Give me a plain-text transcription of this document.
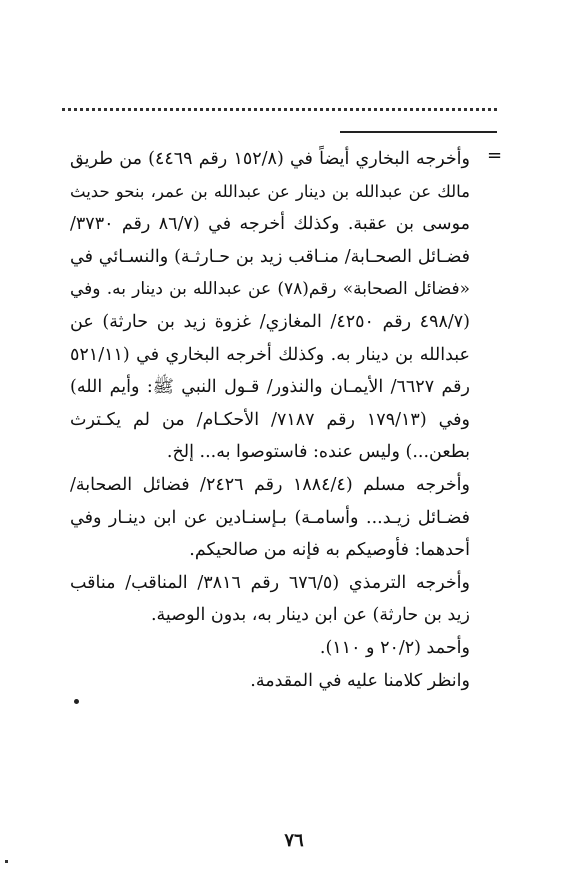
=
وأخرجه البخاري أيضاً في (١٥٢/٨ رقم ٤٤٦٩) من طريق
مالك عن عبدالله بن دينار عن عبدالله بن عمر، بنحو حديث
موسى بن عقبة. وكذلك أخرجه في (٨٦/٧ رقم ٣٧٣٠/
فضـائل الصحـابة/ منـاقب زيد بن حـارثـة) والنسـائي في
«فضائل الصحابة» رقم(٧٨) عن عبدالله بن دينار به. وفي
(٤٩٨/٧ رقم ٤٢٥٠/ المغازي/ غزوة زيد بن حارثة) عن
عبدالله بن دينار به. وكذلك أخرجه البخاري في (٥٢١/١١
رقم ٦٦٢٧/ الأيمـان والنذور/ قـول النبي ﷺ: وأيم الله)
وفي (١٧٩/١٣ رقم ٧١٨٧/ الأحكـام/ من لم يكـترث
بطعن...) وليس عنده: فاستوصوا به... إلخ.
وأخرجه مسلم (١٨٨٤/٤ رقم ٢٤٢٦/ فضائل الصحابة/
فضـائل زيـد... وأسامـة) بـإسنـادين عن ابن دينـار وفي
أحدهما: فأوصيكم به فإنه من صالحيكم.
وأخرجه الترمذي (٦٧٦/٥ رقم ٣٨١٦/ المناقب/ مناقب
زيد بن حارثة) عن ابن دينار به، بدون الوصية.
وأحمد (٢٠/٢ و ١١٠).
وانظر كلامنا عليه في المقدمة.
٧٦
